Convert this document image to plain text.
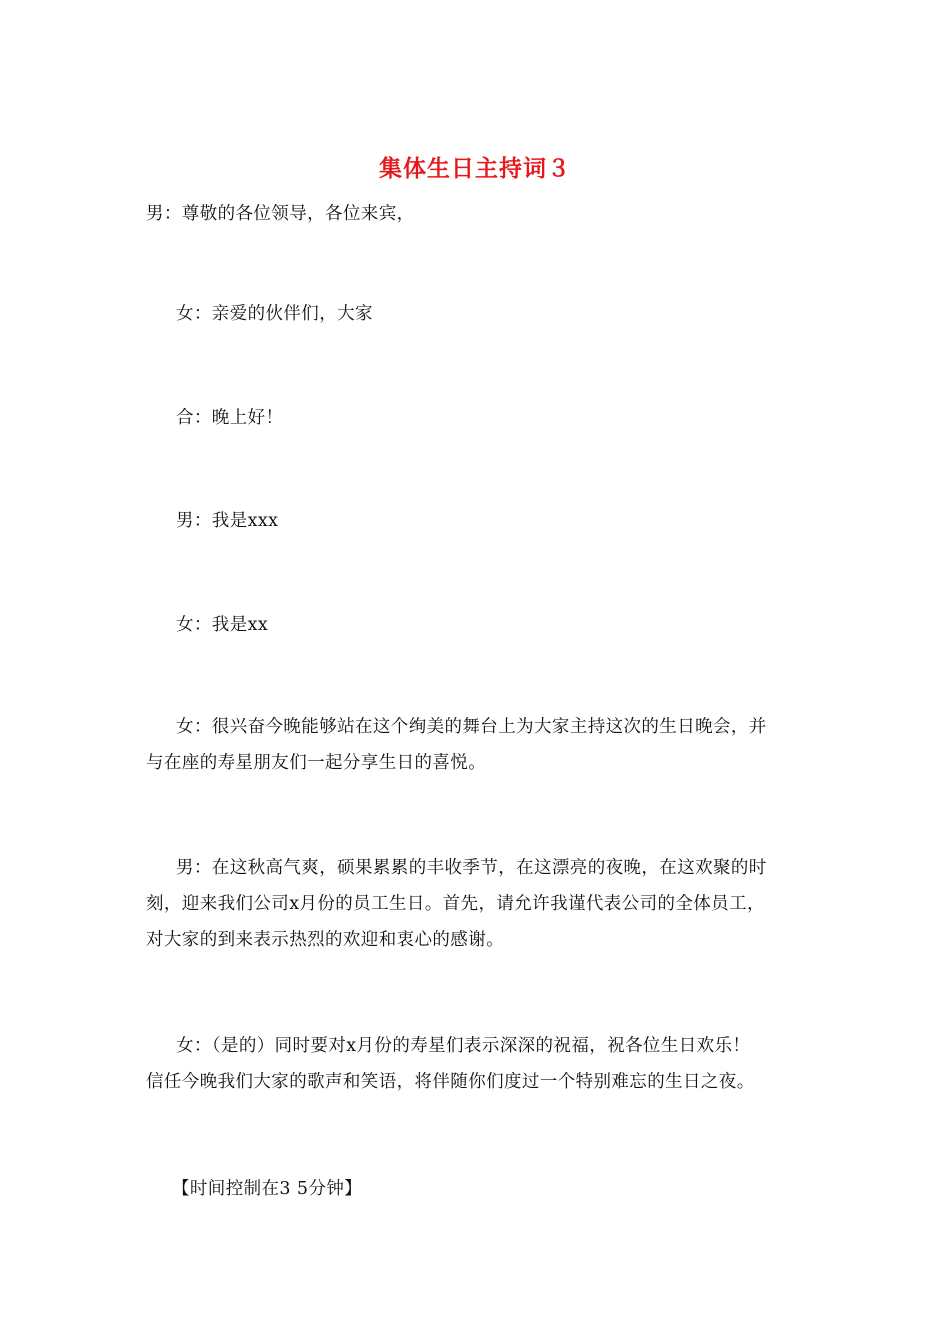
集体生日主持词３

男：尊敬的各位领导，各位来宾，

女：亲爱的伙伴们，大家

合：晚上好！

男：我是xxx

女：我是xx

女：很兴奋今晚能够站在这个绚美的舞台上为大家主持这次的生日晚会，并
与在座的寿星朋友们一起分享生日的喜悦。

男：在这秋高气爽，硕果累累的丰收季节，在这漂亮的夜晚，在这欢聚的时
刻，迎来我们公司x月份的员工生日。首先，请允许我谨代表公司的全体员工，
对大家的到来表示热烈的欢迎和衷心的感谢。

女：（是的）同时要对x月份的寿星们表示深深的祝福，祝各位生日欢乐！
信任今晚我们大家的歌声和笑语，将伴随你们度过一个特别难忘的生日之夜。

【时间控制在3 5分钟】
